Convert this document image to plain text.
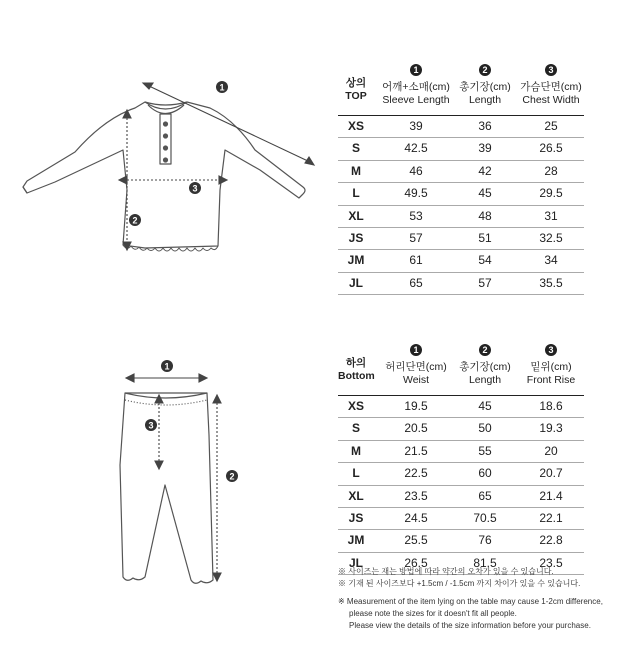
1
2
3
1
3
2
상의
TOP
1
어깨+소매(cm)
Sleeve Length
2
총기장(cm)
Length
3
가슴단면(cm)
Chest Width
XS	39	36	25
S	42.5	39	26.5
M	46	42	28
L	49.5	45	29.5
XL	53	48	31
JS	57	51	32.5
JM	61	54	34
JL	65	57	35.5
하의
Bottom
1
허리단면(cm)
Weist
2
총기장(cm)
Length
3
밑위(cm)
Front Rise
XS	19.5	45	18.6
S	20.5	50	19.3
M	21.5	55	20
L	22.5	60	20.7
XL	23.5	65	21.4
JS	24.5	70.5	22.1
JM	25.5	76	22.8
JL	26.5	81.5	23.5

※ 사이즈는 재는 방법에 따라 약간의 오차가 있을 수 있습니다.

※ 기재 된 사이즈보다 +1.5cm / -1.5cm 까지 차이가 있을 수 있습니다.

※ Measurement of the item lying on the table may cause 1-2cm difference,

please note the sizes for it doesn't fit all people.

Please view the details of the size information before your purchase.
